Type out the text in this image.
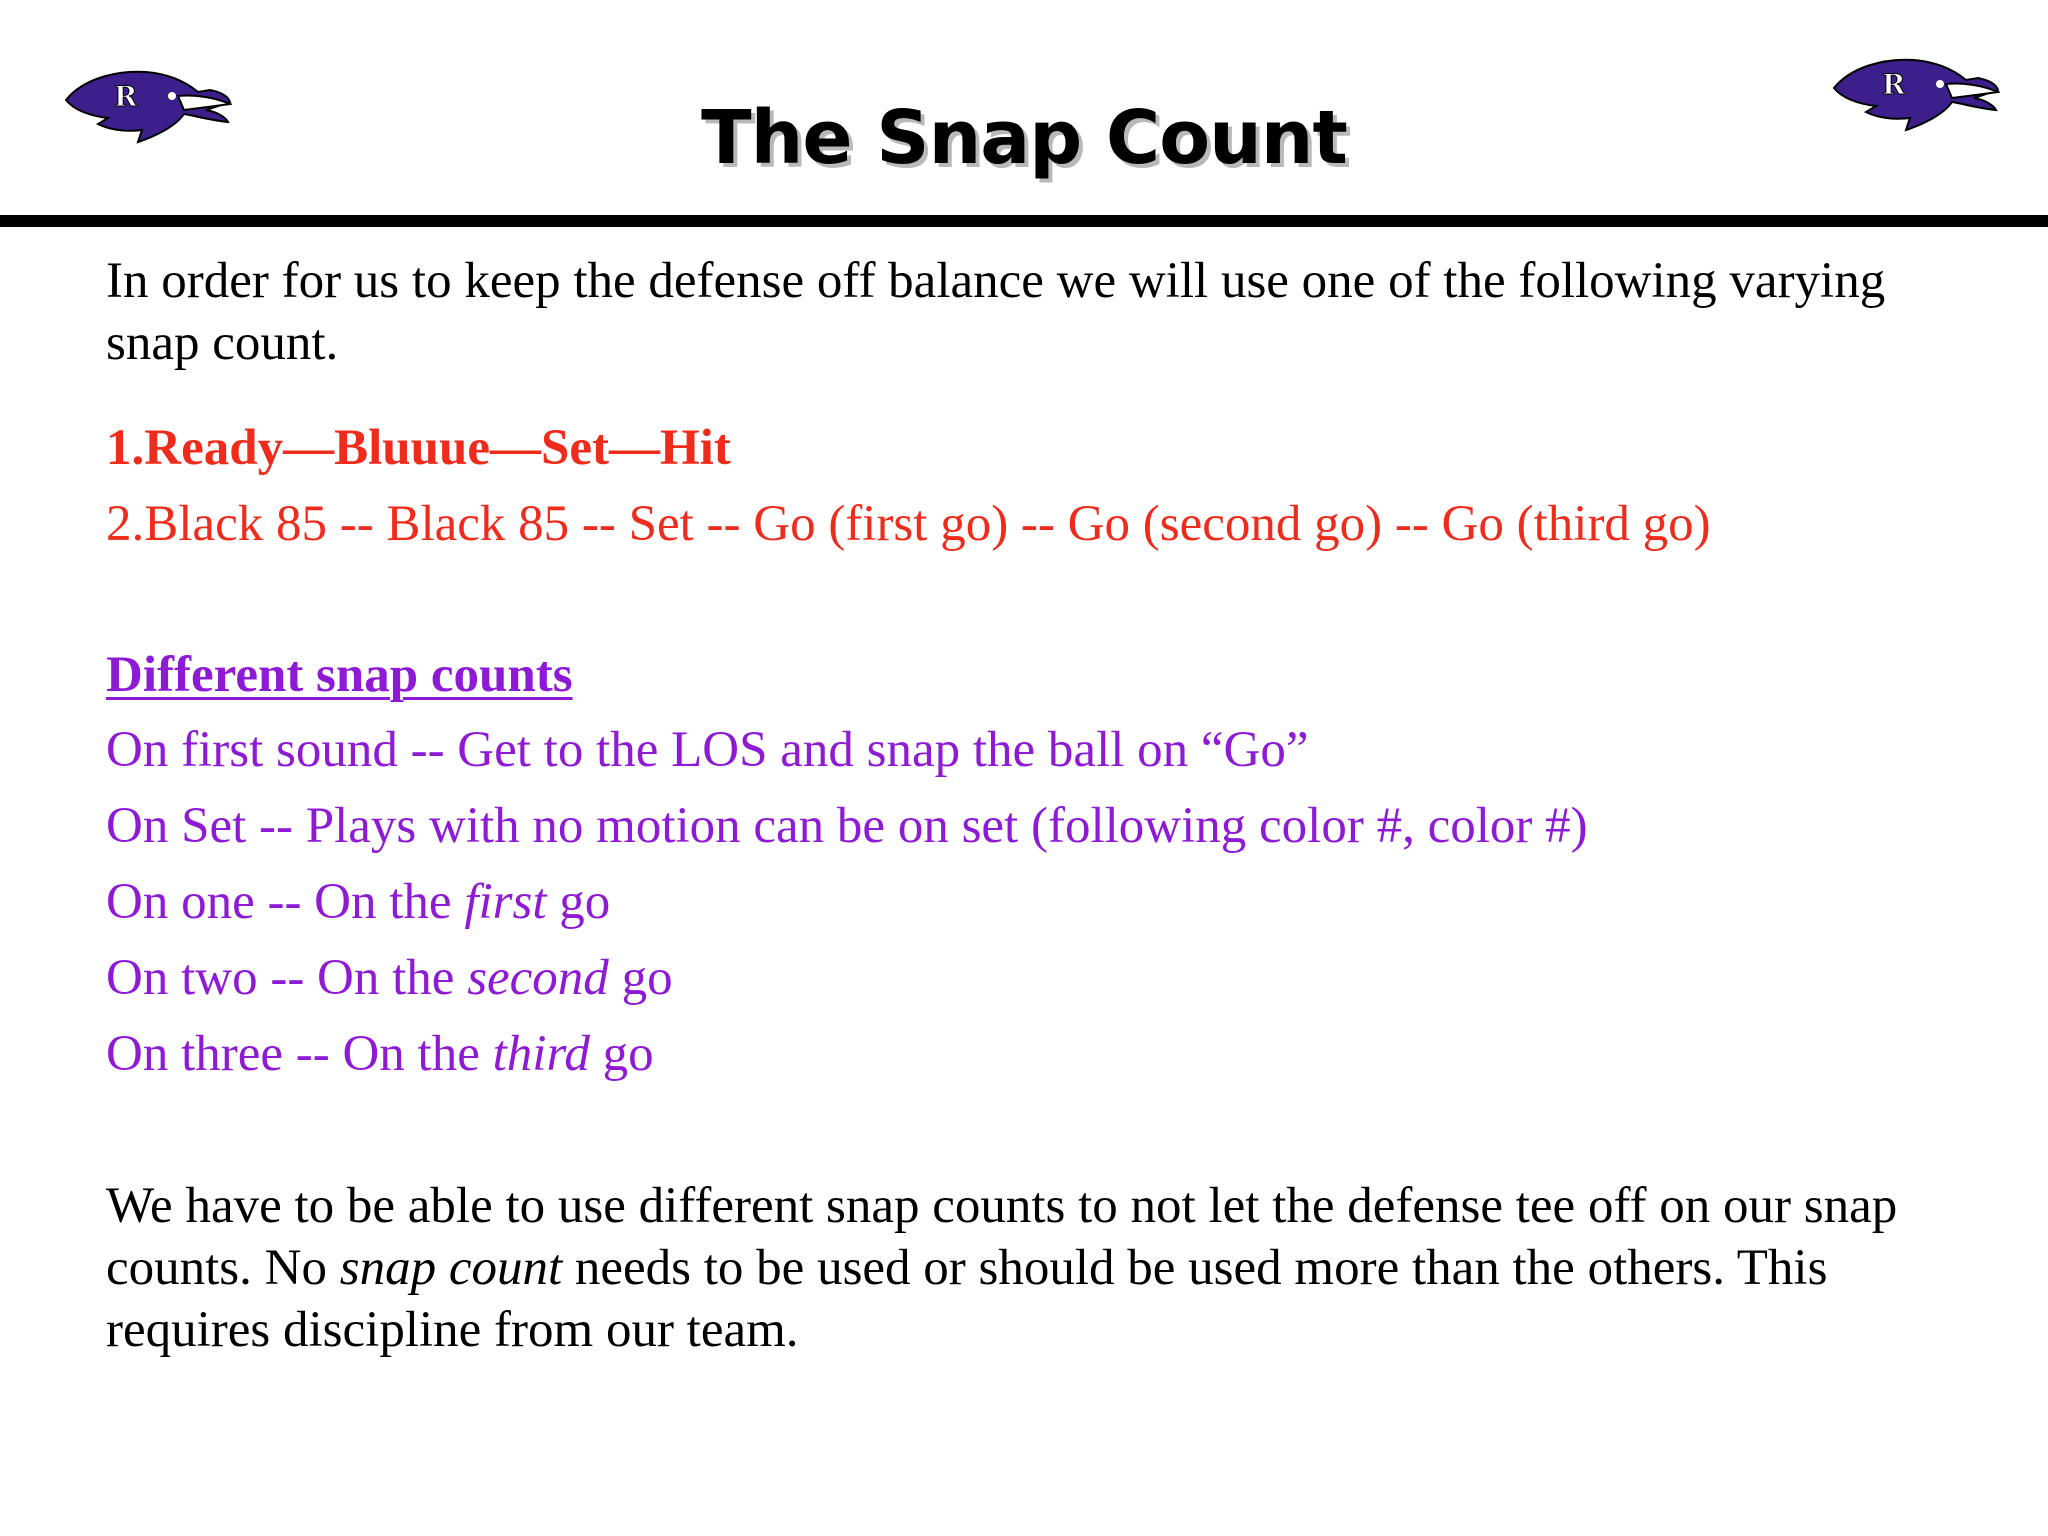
R	R
The Snap Count
In order for us to keep the defense off balance we will use one of the following varying snap count.
1.Ready—Bluuue—Set—Hit
2.Black 85 -- Black 85 -- Set -- Go (first go) -- Go (second go) -- Go (third go)
Different snap counts
On first sound -- Get to the LOS and snap the ball on “Go”
On Set -- Plays with no motion can be on set (following color #, color #)
On one -- On the first go
On two -- On the second go
On three -- On the third go
We have to be able to use different snap counts to not let the defense tee off on our snap counts. No snap count needs to be used or should be used more than the others. This requires discipline from our team.
